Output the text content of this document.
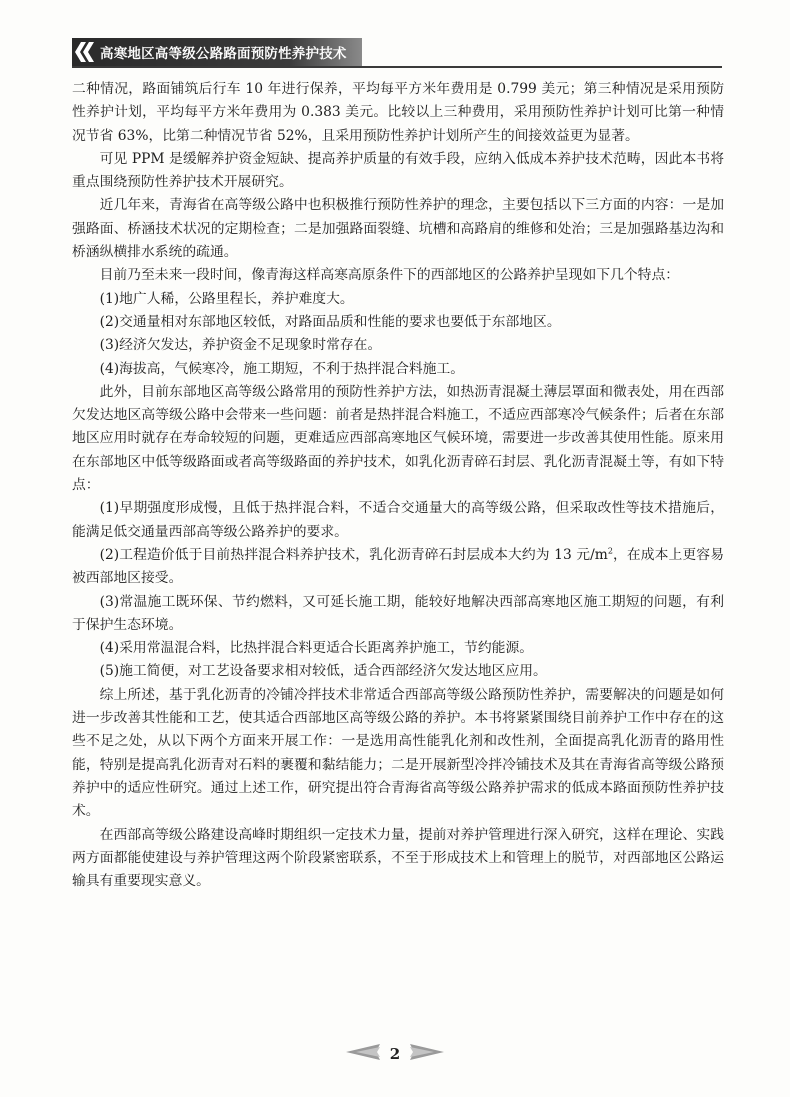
高寒地区高等级公路路面预防性养护技术

二种情况，路面铺筑后行车 10 年进行保养，平均每平方米年费用是 0.799 美元；第三种情况是采用预防性养护计划，平均每平方米年费用为 0.383 美元。比较以上三种费用，采用预防性养护计划可比第一种情况节省 63%，比第二种情况节省 52%，且采用预防性养护计划所产生的间接效益更为显著。

可见 PPM 是缓解养护资金短缺、提高养护质量的有效手段，应纳入低成本养护技术范畴，因此本书将重点围绕预防性养护技术开展研究。

近几年来，青海省在高等级公路中也积极推行预防性养护的理念，主要包括以下三方面的内容：一是加强路面、桥涵技术状况的定期检查；二是加强路面裂缝、坑槽和高路肩的维修和处治；三是加强路基边沟和桥涵纵横排水系统的疏通。

目前乃至未来一段时间，像青海这样高寒高原条件下的西部地区的公路养护呈现如下几个特点：

(1)地广人稀，公路里程长，养护难度大。

(2)交通量相对东部地区较低，对路面品质和性能的要求也要低于东部地区。

(3)经济欠发达，养护资金不足现象时常存在。

(4)海拔高，气候寒冷，施工期短，不利于热拌混合料施工。

此外，目前东部地区高等级公路常用的预防性养护方法，如热沥青混凝土薄层罩面和微表处，用在西部欠发达地区高等级公路中会带来一些问题：前者是热拌混合料施工，不适应西部寒冷气候条件；后者在东部地区应用时就存在寿命较短的问题，更难适应西部高寒地区气候环境，需要进一步改善其使用性能。原来用在东部地区中低等级路面或者高等级路面的养护技术，如乳化沥青碎石封层、乳化沥青混凝土等，有如下特点：

(1)早期强度形成慢，且低于热拌混合料，不适合交通量大的高等级公路，但采取改性等技术措施后，能满足低交通量西部高等级公路养护的要求。

(2)工程造价低于目前热拌混合料养护技术，乳化沥青碎石封层成本大约为 13 元$/m^2$，在成本上更容易被西部地区接受。

(3)常温施工既环保、节约燃料，又可延长施工期，能较好地解决西部高寒地区施工期短的问题，有利于保护生态环境。

(4)采用常温混合料，比热拌混合料更适合长距离养护施工，节约能源。

(5)施工简便，对工艺设备要求相对较低，适合西部经济欠发达地区应用。

综上所述，基于乳化沥青的冷铺冷拌技术非常适合西部高等级公路预防性养护，需要解决的问题是如何进一步改善其性能和工艺，使其适合西部地区高等级公路的养护。本书将紧紧围绕目前养护工作中存在的这些不足之处，从以下两个方面来开展工作：一是选用高性能乳化剂和改性剂，全面提高乳化沥青的路用性能，特别是提高乳化沥青对石料的裹覆和黏结能力；二是开展新型冷拌冷铺技术及其在青海省高等级公路预养护中的适应性研究。通过上述工作，研究提出符合青海省高等级公路养护需求的低成本路面预防性养护技术。

在西部高等级公路建设高峰时期组织一定技术力量，提前对养护管理进行深入研究，这样在理论、实践两方面都能使建设与养护管理这两个阶段紧密联系，不至于形成技术上和管理上的脱节，对西部地区公路运输具有重要现实意义。

2
